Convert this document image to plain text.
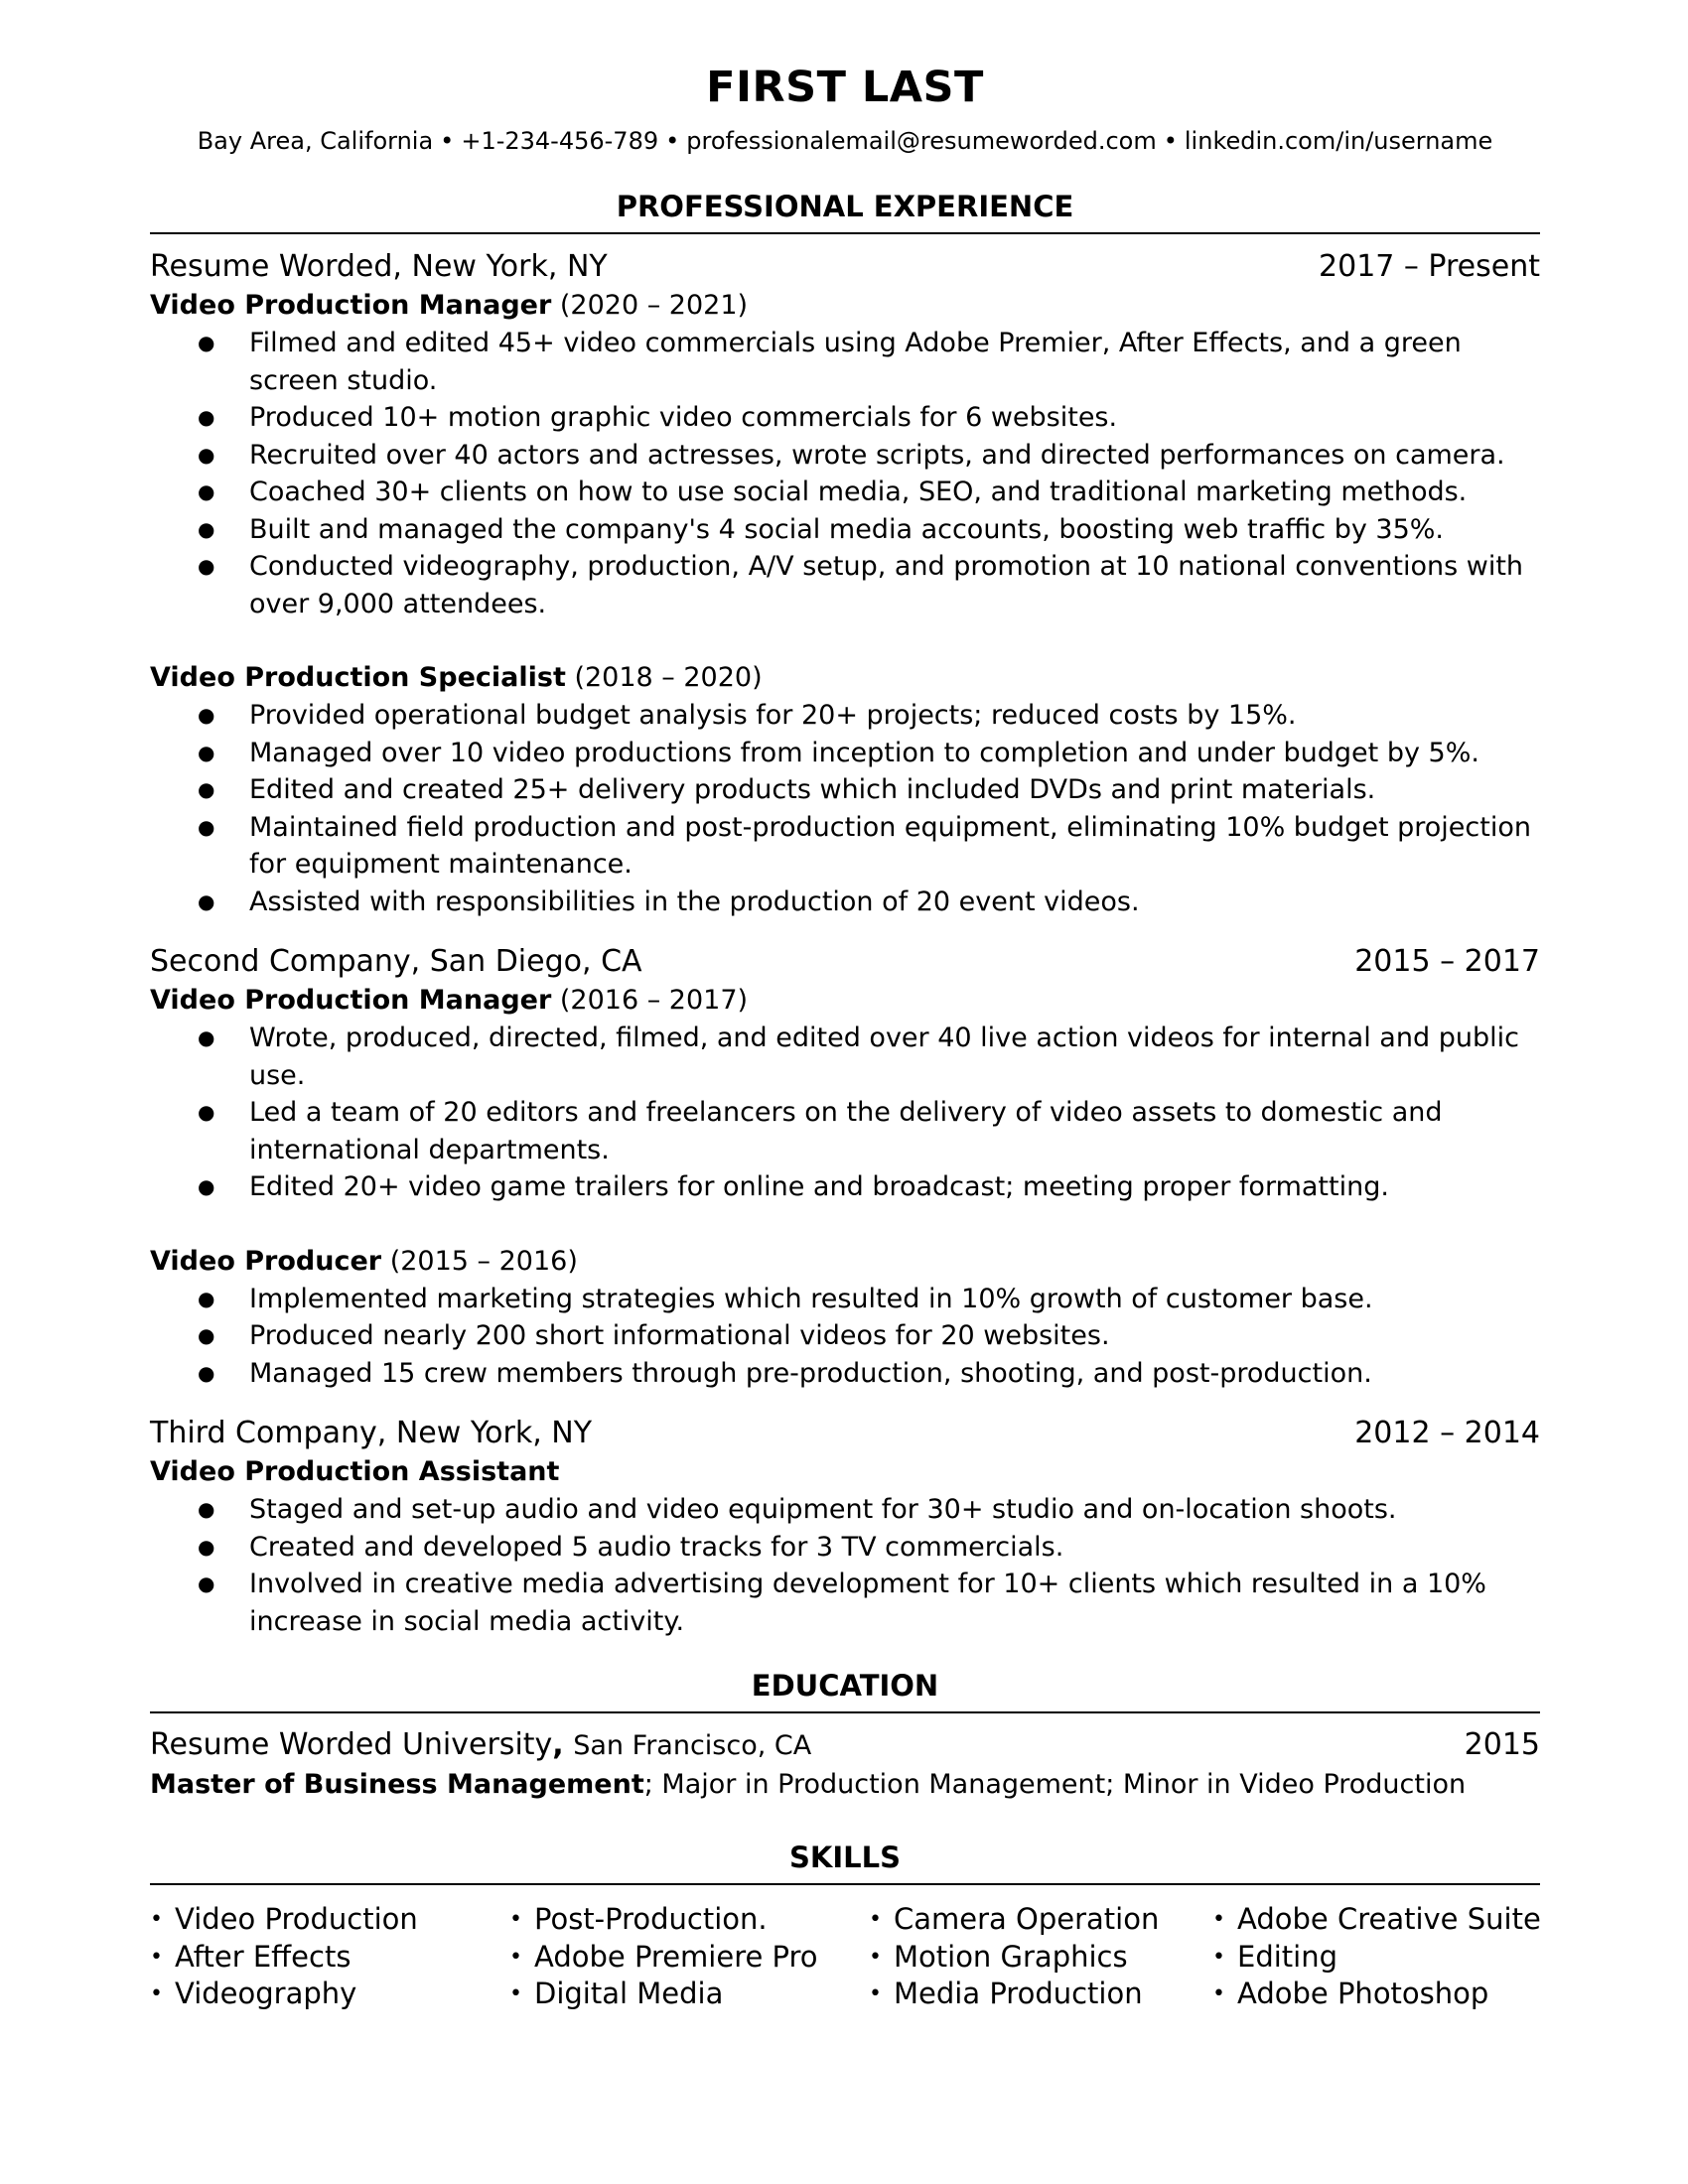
FIRST LAST
Bay Area, California • +1-234-456-789 • professionalemail@resumeworded.com • linkedin.com/in/username
PROFESSIONAL EXPERIENCE
Resume Worded, New York, NY	2017 – Present
Video Production Manager (2020 – 2021)
● Filmed and edited 45+ video commercials using Adobe Premier, After Effects, and a green screen studio.
● Produced 10+ motion graphic video commercials for 6 websites.
● Recruited over 40 actors and actresses, wrote scripts, and directed performances on camera.
● Coached 30+ clients on how to use social media, SEO, and traditional marketing methods.
● Built and managed the company's 4 social media accounts, boosting web traffic by 35%.
● Conducted videography, production, A/V setup, and promotion at 10 national conventions with over 9,000 attendees.
Video Production Specialist (2018 – 2020)
● Provided operational budget analysis for 20+ projects; reduced costs by 15%.
● Managed over 10 video productions from inception to completion and under budget by 5%.
● Edited and created 25+ delivery products which included DVDs and print materials.
● Maintained field production and post-production equipment, eliminating 10% budget projection for equipment maintenance.
● Assisted with responsibilities in the production of 20 event videos.
Second Company, San Diego, CA	2015 – 2017
Video Production Manager (2016 – 2017)
● Wrote, produced, directed, filmed, and edited over 40 live action videos for internal and public use.
● Led a team of 20 editors and freelancers on the delivery of video assets to domestic and international departments.
● Edited 20+ video game trailers for online and broadcast; meeting proper formatting.
Video Producer (2015 – 2016)
● Implemented marketing strategies which resulted in 10% growth of customer base.
● Produced nearly 200 short informational videos for 20 websites.
● Managed 15 crew members through pre-production, shooting, and post-production.
Third Company, New York, NY	2012 – 2014
Video Production Assistant
● Staged and set-up audio and video equipment for 30+ studio and on-location shoots.
● Created and developed 5 audio tracks for 3 TV commercials.
● Involved in creative media advertising development for 10+ clients which resulted in a 10% increase in social media activity.
EDUCATION
Resume Worded University, San Francisco, CA	2015
Master of Business Management; Major in Production Management; Minor in Video Production
SKILLS
• Video Production	• Post-Production.	• Camera Operation	• Adobe Creative Suite
• After Effects	• Adobe Premiere Pro	• Motion Graphics	• Editing
• Videography	• Digital Media	• Media Production	• Adobe Photoshop
